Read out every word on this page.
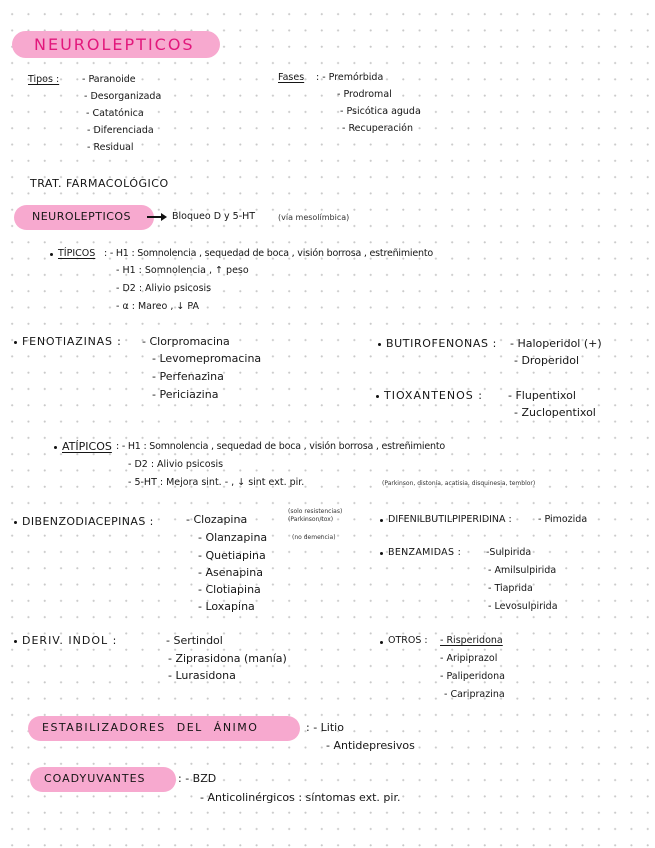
NEUROLEPTICOS
Tipos : - Paranoide
- Desorganizada
- Catatónica
- Diferenciada
- Residual
Fases : - Premórbida
- Prodromal
- Psicótica aguda
- Recuperación
TRAT. FARMACOLÓGICO
NEUROLEPTICOS	Bloqueo D y 5-HT	(vía mesolímbica)
TÍPICOS : - H1 : Somnolencia , sequedad de boca , visión borrosa , estreñimiento
- H1 : Somnolencia , ↑ peso
- D2 : Alivio psicosis
- α : Mareo , ↓ PA
FENOTIAZINAS : - Clorpromacina
- Levomepromacina
- Perfenazina
- Periciazina
BUTIROFENONAS : - Haloperidol (+)
- Droperidol
TIOXANTENOS : - Flupentixol
- Zuclopentixol
ATÍPICOS : - H1 : Somnolencia , sequedad de boca , visión borrosa , estreñimiento
- D2 : Alivio psicosis
- 5-HT : Mejora sint. - , ↓ sint ext. pir.	(Parkinson, distonía, acatisia, disquinesia, temblor)
DIBENZODIACEPINAS :	- Clozapina
(solo resistencias)
(Parkinson/tox)
- Olanzapina	(no demencia)
- Quetiapina
- Asenapina
- Clotiapina
- Loxapina
DIFENILBUTILPIPERIDINA :	- Pimozida
BENZAMIDAS :	-Sulpirida
- Amilsulpirida
- Tiaprida
- Levosulpirida
DERIV. INDOL :	- Sertindol
- Ziprasidona (manía)
- Lurasidona
OTROS : - Risperidona
- Aripiprazol
- Paliperidona
- Cariprazina
ESTABILIZADORES DEL ÁNIMO	: - Litio
- Antidepresivos
COADYUVANTES	: - BZD
- Anticolinérgicos : síntomas ext. pir.
